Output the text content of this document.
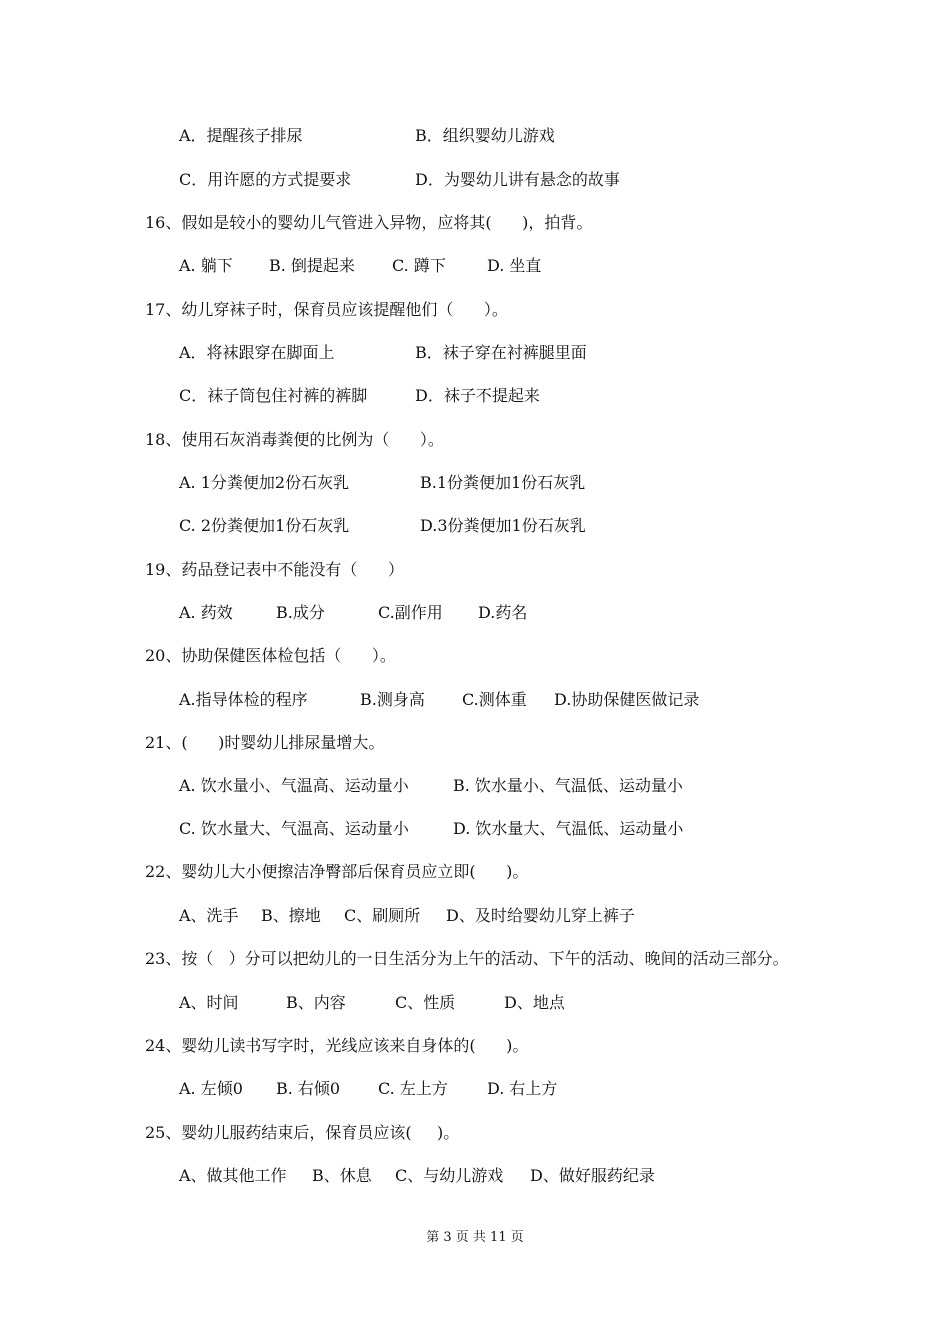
A．提醒孩子排尿	B．组织婴幼儿游戏
C．用许愿的方式提要求	D．为婴幼儿讲有悬念的故事
16、假如是较小的婴幼儿气管进入异物，应将其(      )，拍背。
A. 躺下 B. 倒提起来 C. 蹲下	D. 坐直
17、幼儿穿袜子时，保育员应该提醒他们（      ）。
A．将袜跟穿在脚面上	B．袜子穿在衬裤腿里面
C．袜子筒包住衬裤的裤脚	D．袜子不提起来
18、使用石灰消毒粪便的比例为（      ）。
A. 1分粪便加2份石灰乳	B.1份粪便加1份石灰乳
C. 2份粪便加1份石灰乳	D.3份粪便加1份石灰乳
19、药品登记表中不能没有（      ）
A. 药效	B.成分	C.副作用 D.药名
20、协助保健医体检包括（      ）。
A.指导体检的程序	B.测身高 C.测体重 D.协助保健医做记录
21、(      )时婴幼儿排尿量增大。
A. 饮水量小、气温高、运动量小	B. 饮水量小、气温低、运动量小
C. 饮水量大、气温高、运动量小	D. 饮水量大、气温低、运动量小
22、婴幼儿大小便擦洁净臀部后保育员应立即(      )。
A、洗手 B、擦地 C、刷厕所 D、及时给婴幼儿穿上裤子
23、按（   ）分可以把幼儿的一日生活分为上午的活动、下午的活动、晚间的活动三部分。
A、时间	B、内容	C、性质	D、地点
24、婴幼儿读书写字时，光线应该来自身体的(      )。
A. 左倾0 B. 右倾0 C. 左上方 D. 右上方
25、婴幼儿服药结束后，保育员应该(     )。
A、做其他工作 B、休息 C、与幼儿游戏 D、做好服药纪录
第 3 页 共 11 页
